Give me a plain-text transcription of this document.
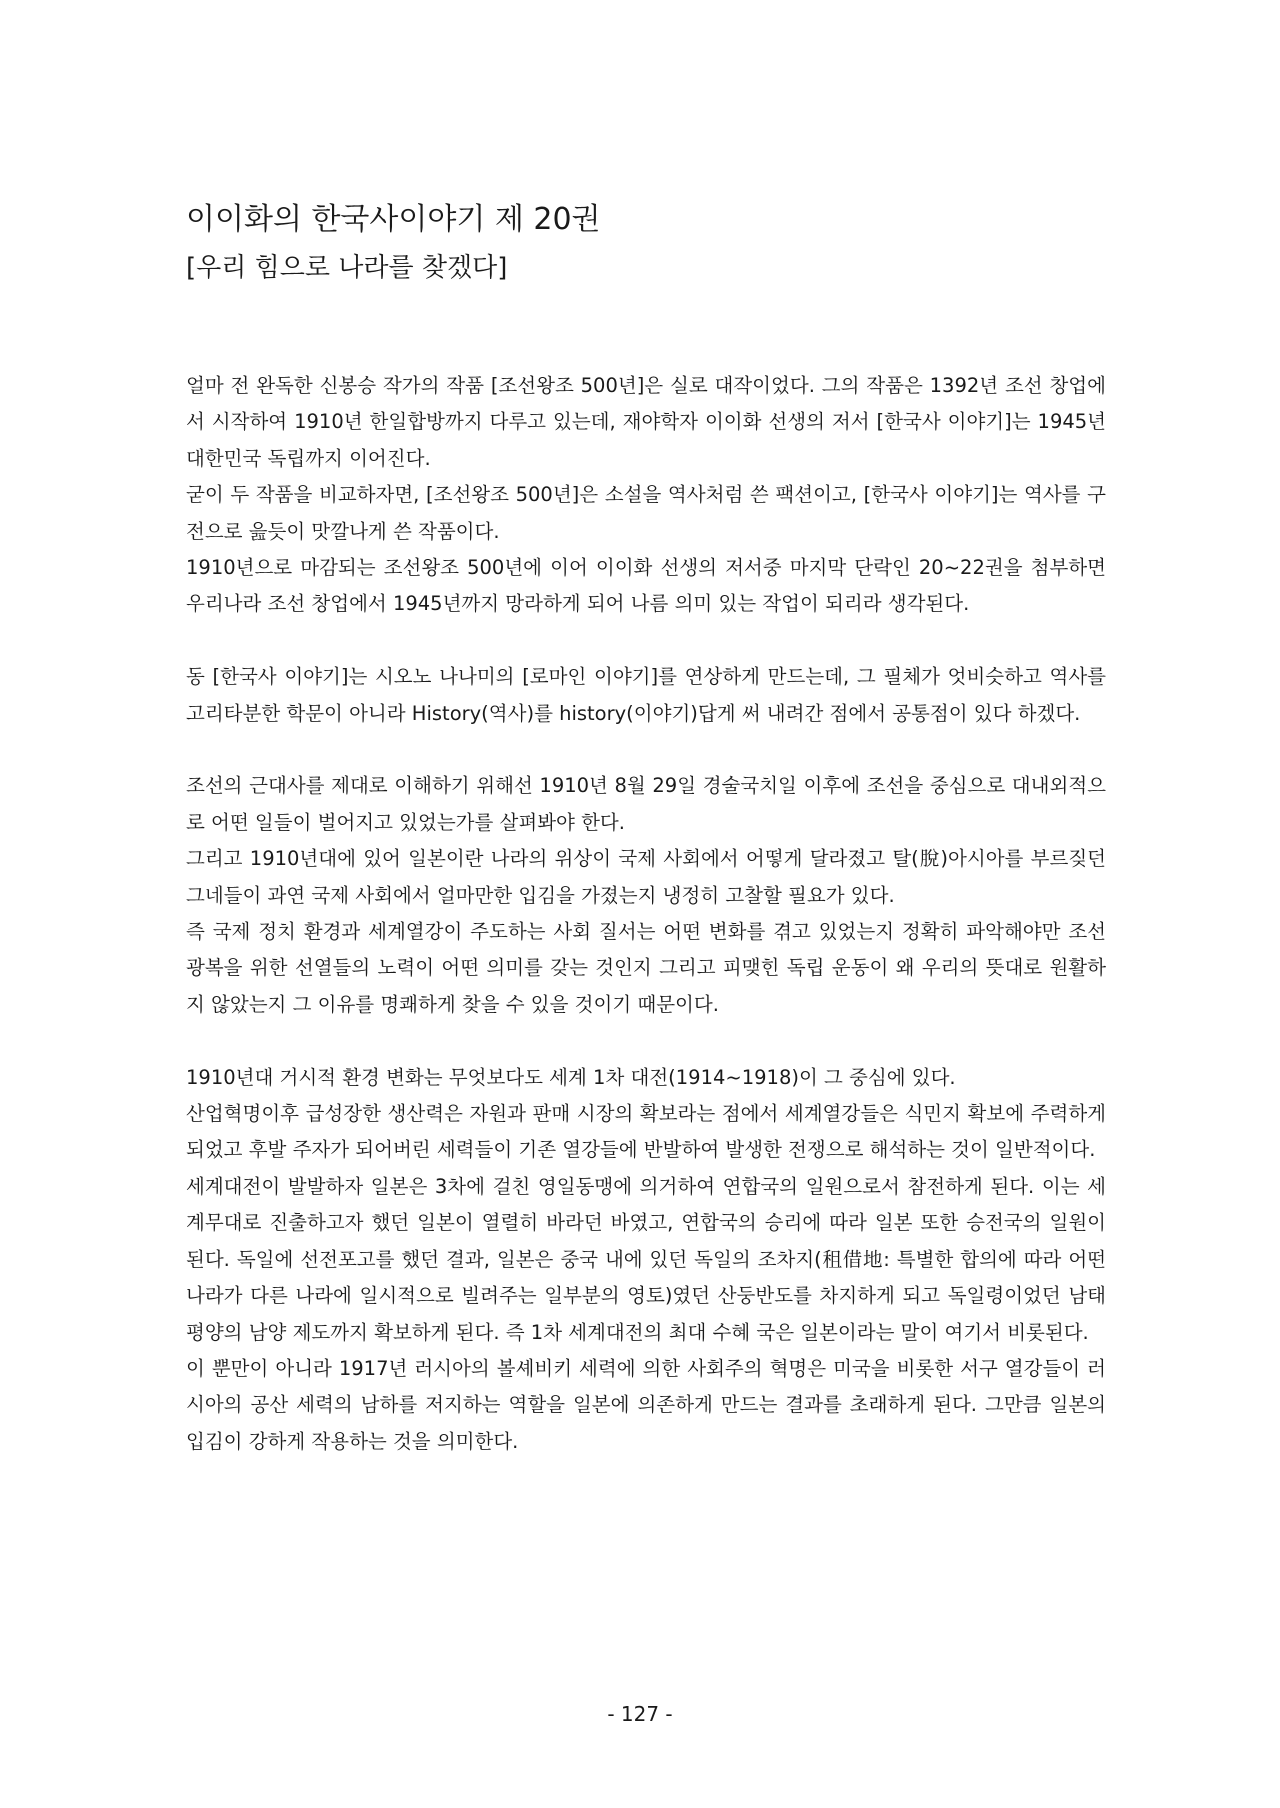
이이화의 한국사이야기 제 20권
[우리 힘으로 나라를 찾겠다]

얼마 전 완독한 신봉승 작가의 작품 [조선왕조 500년]은 실로 대작이었다. 그의 작품은 1392년 조선 창업에서 시작하여 1910년 한일합방까지 다루고 있는데, 재야학자 이이화 선생의 저서 [한국사 이야기]는 1945년 대한민국 독립까지 이어진다.

굳이 두 작품을 비교하자면, [조선왕조 500년]은 소설을 역사처럼 쓴 팩션이고, [한국사 이야기]는 역사를 구전으로 읊듯이 맛깔나게 쓴 작품이다.

1910년으로 마감되는 조선왕조 500년에 이어 이이화 선생의 저서중 마지막 단락인 20~22권을 첨부하면 우리나라 조선 창업에서 1945년까지 망라하게 되어 나름 의미 있는 작업이 되리라 생각된다.

동 [한국사 이야기]는 시오노 나나미의 [로마인 이야기]를 연상하게 만드는데, 그 필체가 엇비슷하고 역사를 고리타분한 학문이 아니라 History(역사)를 history(이야기)답게 써 내려간 점에서 공통점이 있다 하겠다.

조선의 근대사를 제대로 이해하기 위해선 1910년 8월 29일 경술국치일 이후에 조선을 중심으로 대내외적으로 어떤 일들이 벌어지고 있었는가를 살펴봐야 한다.

그리고 1910년대에 있어 일본이란 나라의 위상이 국제 사회에서 어떻게 달라졌고 탈(脫)아시아를 부르짖던 그네들이 과연 국제 사회에서 얼마만한 입김을 가졌는지 냉정히 고찰할 필요가 있다.

즉 국제 정치 환경과 세계열강이 주도하는 사회 질서는 어떤 변화를 겪고 있었는지 정확히 파악해야만 조선 광복을 위한 선열들의 노력이 어떤 의미를 갖는 것인지 그리고 피맺힌 독립 운동이 왜 우리의 뜻대로 원활하지 않았는지 그 이유를 명쾌하게 찾을 수 있을 것이기 때문이다.

1910년대 거시적 환경 변화는 무엇보다도 세계 1차 대전(1914~1918)이 그 중심에 있다.

산업혁명이후 급성장한 생산력은 자원과 판매 시장의 확보라는 점에서 세계열강들은 식민지 확보에 주력하게 되었고 후발 주자가 되어버린 세력들이 기존 열강들에 반발하여 발생한 전쟁으로 해석하는 것이 일반적이다.

세계대전이 발발하자 일본은 3차에 걸친 영일동맹에 의거하여 연합국의 일원으로서 참전하게 된다. 이는 세계무대로 진출하고자 했던 일본이 열렬히 바라던 바였고, 연합국의 승리에 따라 일본 또한 승전국의 일원이 된다. 독일에 선전포고를 했던 결과, 일본은 중국 내에 있던 독일의 조차지(租借地: 특별한 합의에 따라 어떤 나라가 다른 나라에 일시적으로 빌려주는 일부분의 영토)였던 산둥반도를 차지하게 되고 독일령이었던 남태평양의 남양 제도까지 확보하게 된다. 즉 1차 세계대전의 최대 수혜 국은 일본이라는 말이 여기서 비롯된다.

이 뿐만이 아니라 1917년 러시아의 볼셰비키 세력에 의한 사회주의 혁명은 미국을 비롯한 서구 열강들이 러시아의 공산 세력의 남하를 저지하는 역할을 일본에 의존하게 만드는 결과를 초래하게 된다. 그만큼 일본의 입김이 강하게 작용하는 것을 의미한다.

- 127 -
